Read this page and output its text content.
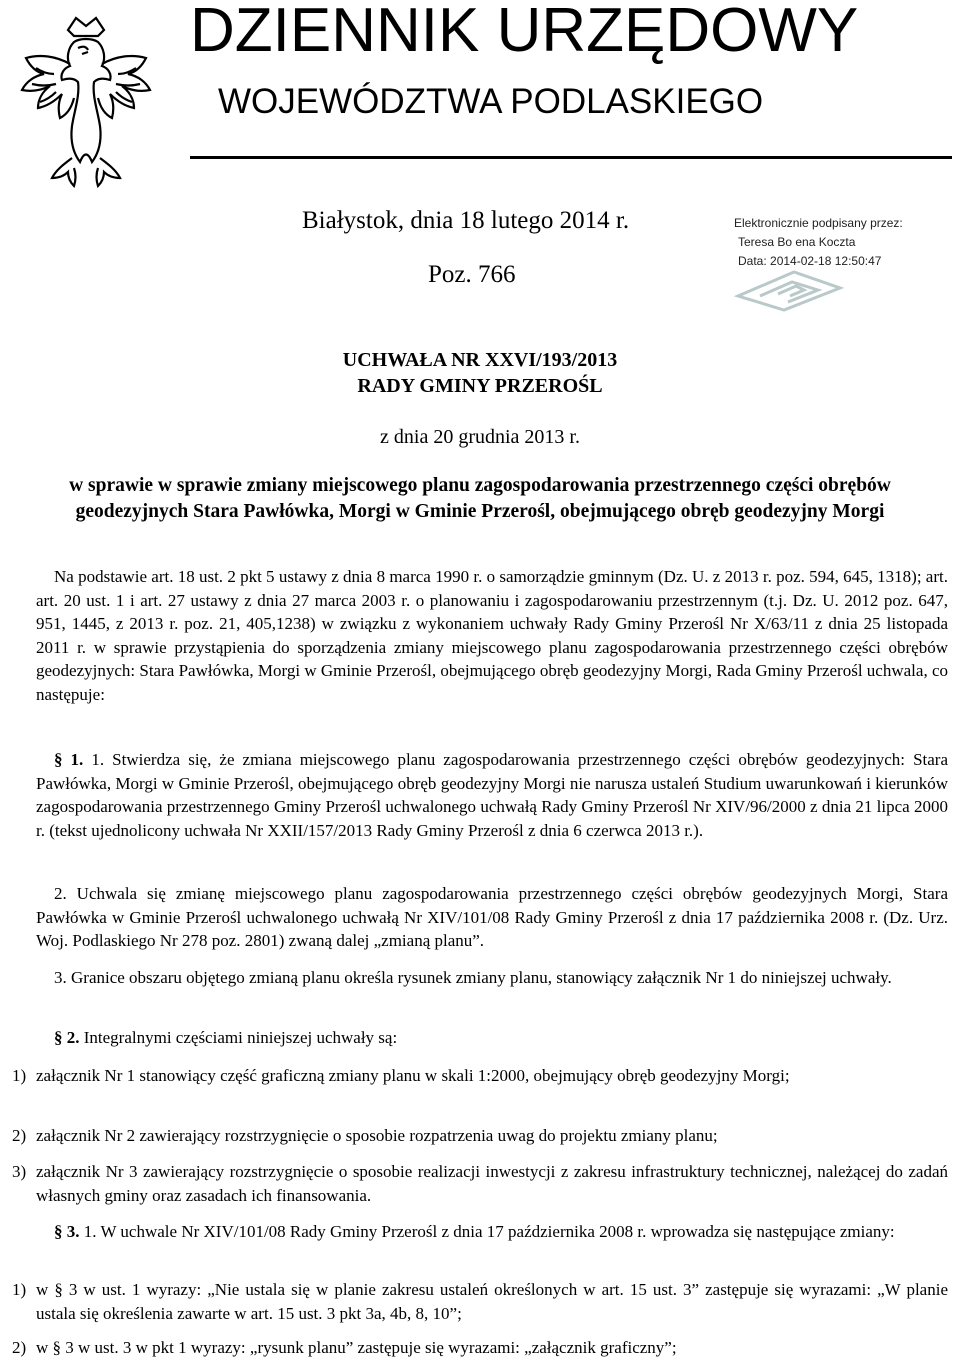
DZIENNIK URZĘDOWY
WOJEWÓDZTWA PODLASKIEGO
Białystok, dnia 18 lutego 2014 r.
Poz. 766
Elektronicznie podpisany przez:
Teresa Bo ena Koczta
Data: 2014-02-18 12:50:47
UCHWAŁA NR XXVI/193/2013
RADY GMINY PRZEROŚL
z dnia 20 grudnia 2013 r.
w sprawie w sprawie zmiany miejscowego planu zagospodarowania przestrzennego części obrębów
geodezyjnych Stara Pawłówka, Morgi w Gminie Przerośl, obejmującego obręb geodezyjny Morgi
Na podstawie art. 18 ust. 2 pkt 5 ustawy z dnia 8 marca 1990 r. o samorządzie gminnym (Dz. U. z 2013 r. poz. 594, 645, 1318); art. art. 20 ust. 1 i art. 27 ustawy z dnia 27 marca 2003 r. o planowaniu i zagospodarowaniu przestrzennym (t.j. Dz. U. 2012 poz. 647, 951, 1445, z 2013 r. poz. 21, 405,1238) w związku z wykonaniem uchwały Rady Gminy Przerośl Nr X/63/11 z dnia 25 listopada 2011 r. w sprawie przystąpienia do sporządzenia zmiany miejscowego planu zagospodarowania przestrzennego części obrębów geodezyjnych: Stara Pawłówka, Morgi w Gminie Przerośl, obejmującego obręb geodezyjny Morgi, Rada Gminy Przerośl uchwala, co następuje:
§ 1. 1. Stwierdza się, że zmiana miejscowego planu zagospodarowania przestrzennego części obrębów geodezyjnych: Stara Pawłówka, Morgi w Gminie Przerośl, obejmującego obręb geodezyjny Morgi nie narusza ustaleń Studium uwarunkowań i kierunków zagospodarowania przestrzennego Gminy Przerośl uchwalonego uchwałą Rady Gminy Przerośl Nr XIV/96/2000 z dnia 21 lipca 2000 r. (tekst ujednolicony uchwała Nr XXII/157/2013 Rady Gminy Przerośl z dnia 6 czerwca 2013 r.).
2. Uchwala się zmianę miejscowego planu zagospodarowania przestrzennego części obrębów geodezyjnych Morgi, Stara Pawłówka w Gminie Przerośl uchwalonego uchwałą Nr XIV/101/08 Rady Gminy Przerośl z dnia 17 października 2008 r. (Dz. Urz. Woj. Podlaskiego Nr 278 poz. 2801) zwaną dalej „zmianą planu”.
3. Granice obszaru objętego zmianą planu określa rysunek zmiany planu, stanowiący załącznik Nr 1 do niniejszej uchwały.
§ 2. Integralnymi częściami niniejszej uchwały są:
1) załącznik Nr 1 stanowiący część graficzną zmiany planu w skali 1:2000, obejmujący obręb geodezyjny Morgi;
2) załącznik Nr 2 zawierający rozstrzygnięcie o sposobie rozpatrzenia uwag do projektu zmiany planu;
3) załącznik Nr 3 zawierający rozstrzygnięcie o sposobie realizacji inwestycji z zakresu infrastruktury technicznej, należącej do zadań własnych gminy oraz zasadach ich finansowania.
§ 3. 1. W uchwale Nr XIV/101/08 Rady Gminy Przerośl z dnia 17 października 2008 r. wprowadza się następujące zmiany:
1) w § 3 w ust. 1 wyrazy: „Nie ustala się w planie zakresu ustaleń określonych w art. 15 ust. 3” zastępuje się wyrazami: „W planie ustala się określenia zawarte w art. 15 ust. 3 pkt 3a, 4b, 8, 10”;
2) w § 3 w ust. 3 w pkt 1 wyrazy: „rysunk planu” zastępuje się wyrazami: „załącznik graficzny”;
